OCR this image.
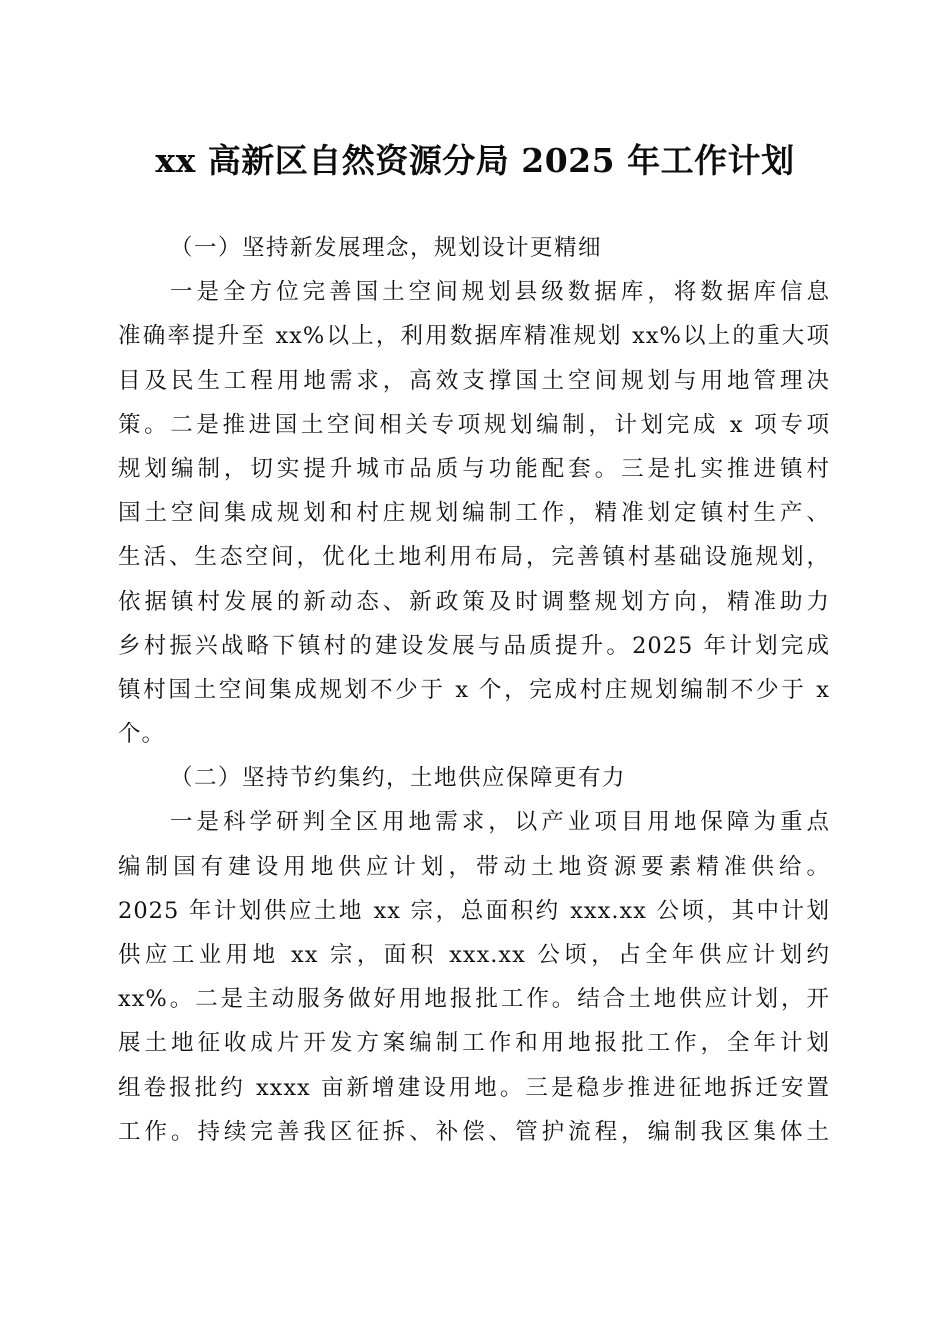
xx 高新区自然资源分局 2025 年工作计划
（一）坚持新发展理念，规划设计更精细
一是全方位完善国土空间规划县级数据库，将数据库信息
准确率提升至 xx%以上，利用数据库精准规划 xx%以上的重大项
目及民生工程用地需求，高效支撑国土空间规划与用地管理决
策。二是推进国土空间相关专项规划编制，计划完成 x 项专项
规划编制，切实提升城市品质与功能配套。三是扎实推进镇村
国土空间集成规划和村庄规划编制工作，精准划定镇村生产、
生活、生态空间，优化土地利用布局，完善镇村基础设施规划，
依据镇村发展的新动态、新政策及时调整规划方向，精准助力
乡村振兴战略下镇村的建设发展与品质提升。2025 年计划完成
镇村国土空间集成规划不少于 x 个，完成村庄规划编制不少于 x
个。
（二）坚持节约集约，土地供应保障更有力
一是科学研判全区用地需求，以产业项目用地保障为重点
编制国有建设用地供应计划，带动土地资源要素精准供给。
2025 年计划供应土地 xx 宗，总面积约 xxx.xx 公顷，其中计划
供应工业用地 xx 宗，面积 xxx.xx 公顷，占全年供应计划约
xx%。二是主动服务做好用地报批工作。结合土地供应计划，开
展土地征收成片开发方案编制工作和用地报批工作，全年计划
组卷报批约 xxxx 亩新增建设用地。三是稳步推进征地拆迁安置
工作。持续完善我区征拆、补偿、管护流程，编制我区集体土
